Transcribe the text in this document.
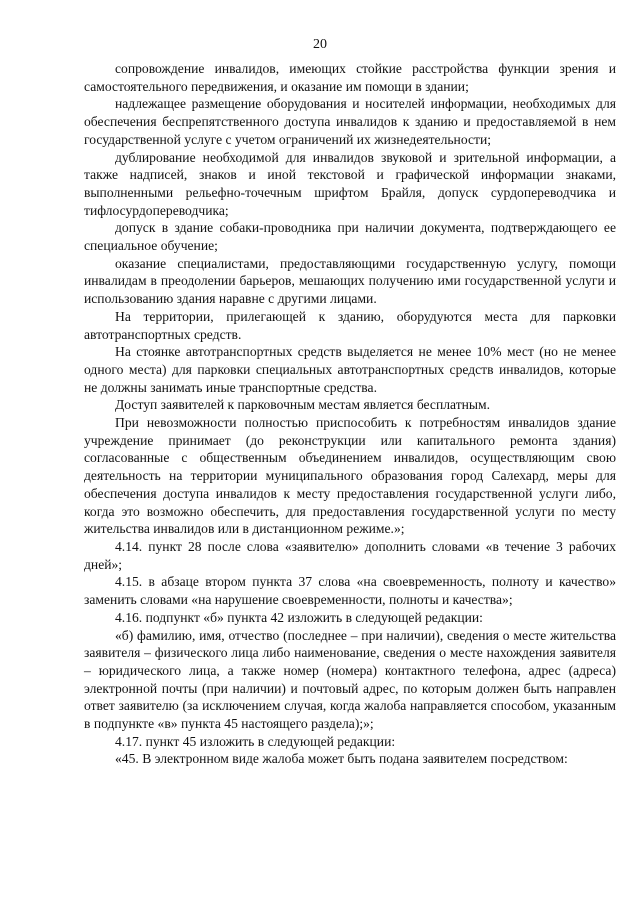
20

сопровождение инвалидов, имеющих стойкие расстройства функции зрения и самостоятельного передвижения, и оказание им помощи в здании;

надлежащее размещение оборудования и носителей информации, необходимых для обеспечения беспрепятственного доступа инвалидов к зданию и предоставляемой в нем государственной услуге с учетом ограничений их жизнедеятельности;

дублирование необходимой для инвалидов звуковой и зрительной информации, а также надписей, знаков и иной текстовой и графической информации знаками, выполненными рельефно-точечным шрифтом Брайля, допуск сурдопереводчика и тифлосурдопереводчика;

допуск в здание собаки-проводника при наличии документа, подтверждающего ее специальное обучение;

оказание специалистами, предоставляющими государственную услугу, помощи инвалидам в преодолении барьеров, мешающих получению ими государственной услуги и использованию здания наравне с другими лицами.

На территории, прилегающей к зданию, оборудуются места для парковки автотранспортных средств.

На стоянке автотранспортных средств выделяется не менее 10% мест (но не менее одного места) для парковки специальных автотранспортных средств инвалидов, которые не должны занимать иные транспортные средства.

Доступ заявителей к парковочным местам является бесплатным.

При невозможности полностью приспособить к потребностям инвалидов здание учреждение принимает (до реконструкции или капитального ремонта здания) согласованные с общественным объединением инвалидов, осуществляющим свою деятельность на территории муниципального образования город Салехард, меры для обеспечения доступа инвалидов к месту предоставления государственной услуги либо, когда это возможно обеспечить, для предоставления государственной услуги по месту жительства инвалидов или в дистанционном режиме.»;

4.14. пункт 28 после слова «заявителю» дополнить словами «в течение 3 рабочих дней»;

4.15. в абзаце втором пункта 37 слова «на своевременность, полноту и качество» заменить словами «на нарушение своевременности, полноты и качества»;

4.16. подпункт «б» пункта 42 изложить в следующей редакции:

«б) фамилию, имя, отчество (последнее – при наличии), сведения о месте жительства заявителя – физического лица либо наименование, сведения о месте нахождения заявителя – юридического лица, а также номер (номера) контактного телефона, адрес (адреса) электронной почты (при наличии) и почтовый адрес, по которым должен быть направлен ответ заявителю (за исключением случая, когда жалоба направляется способом, указанным в подпункте «в» пункта 45 настоящего раздела);»;

4.17. пункт 45 изложить в следующей редакции:

«45. В электронном виде жалоба может быть подана заявителем посредством:
